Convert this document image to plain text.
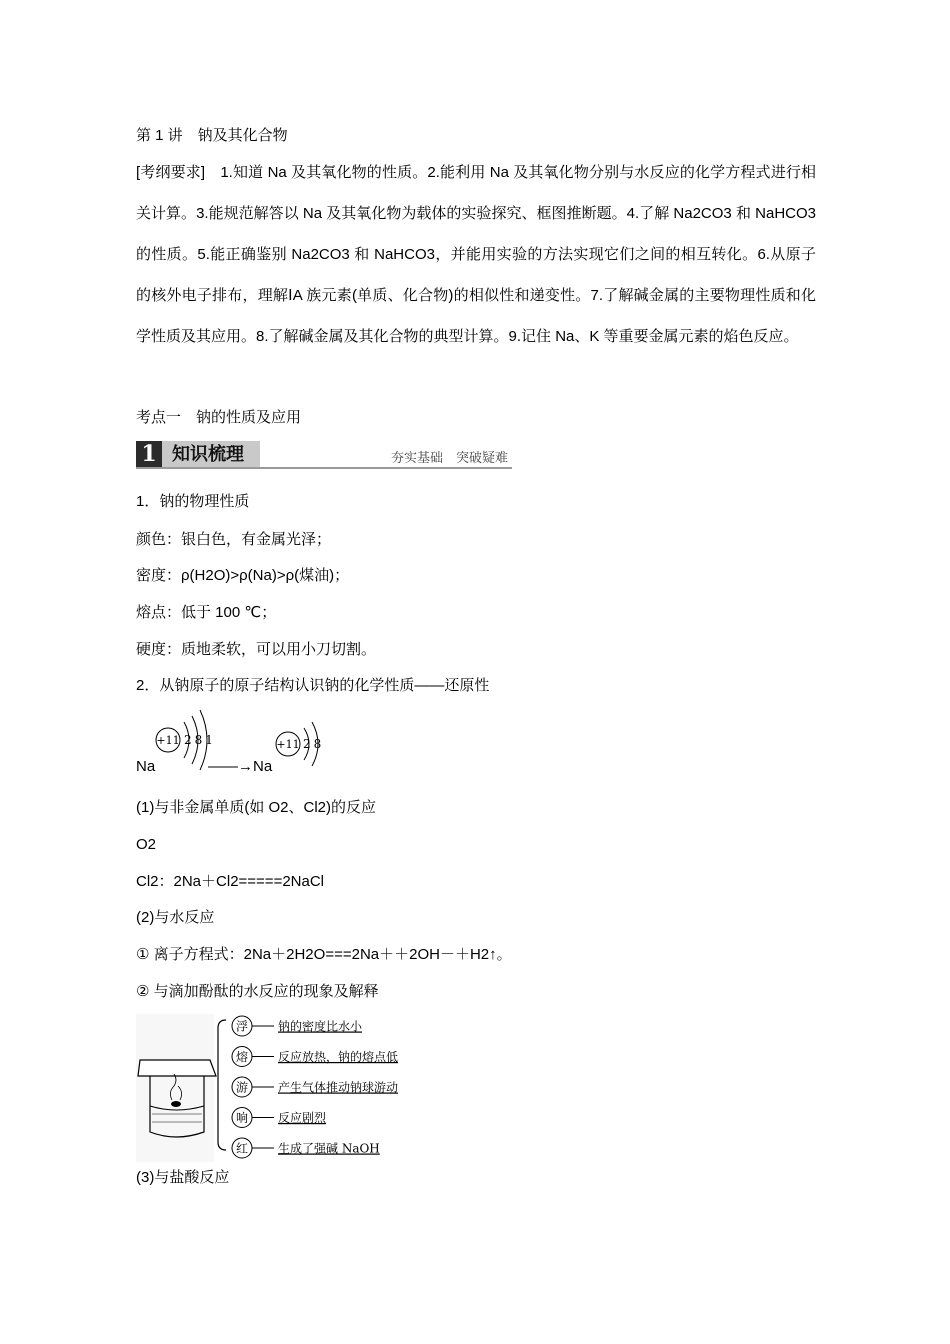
第 1 讲　钠及其化合物
[考纲要求]　1.知道 Na 及其氧化物的性质。2.能利用 Na 及其氧化物分别与水反应的化学方程式进行相关计算。3.能规范解答以 Na 及其氧化物为载体的实验探究、框图推断题。4.了解 Na2CO3 和 NaHCO3 的性质。5.能正确鉴别 Na2CO3 和 NaHCO3，并能用实验的方法实现它们之间的相互转化。6.从原子的核外电子排布，理解ⅠA 族元素(单质、化合物)的相似性和递变性。7.了解碱金属的主要物理性质和化学性质及其应用。8.了解碱金属及其化合物的典型计算。9.记住 Na、K 等重要金属元素的焰色反应。
考点一　钠的性质及应用
1 知识梳理	夯实基础　突破疑难
1．钠的物理性质
颜色：银白色，有金属光泽；
密度：ρ(H2O)>ρ(Na)>ρ(煤油)；
熔点：低于 100 ℃；
硬度：质地柔软，可以用小刀切割。
2．从钠原子的原子结构认识钠的化学性质——还原性
+11 281	+11 28
Na	——→Na
(1)与非金属单质(如 O2、Cl2)的反应
O2
Cl2：2Na＋Cl2=====2NaCl
(2)与水反应
① 离子方程式：2Na＋2H2O===2Na＋＋2OH－＋H2↑。
② 与滴加酚酞的水反应的现象及解释
浮 钠的密度比水小
熔 反应放热，钠的熔点低
游 产生气体推动钠球游动
响 反应剧烈
红 生成了强碱 NaOH
(3)与盐酸反应
